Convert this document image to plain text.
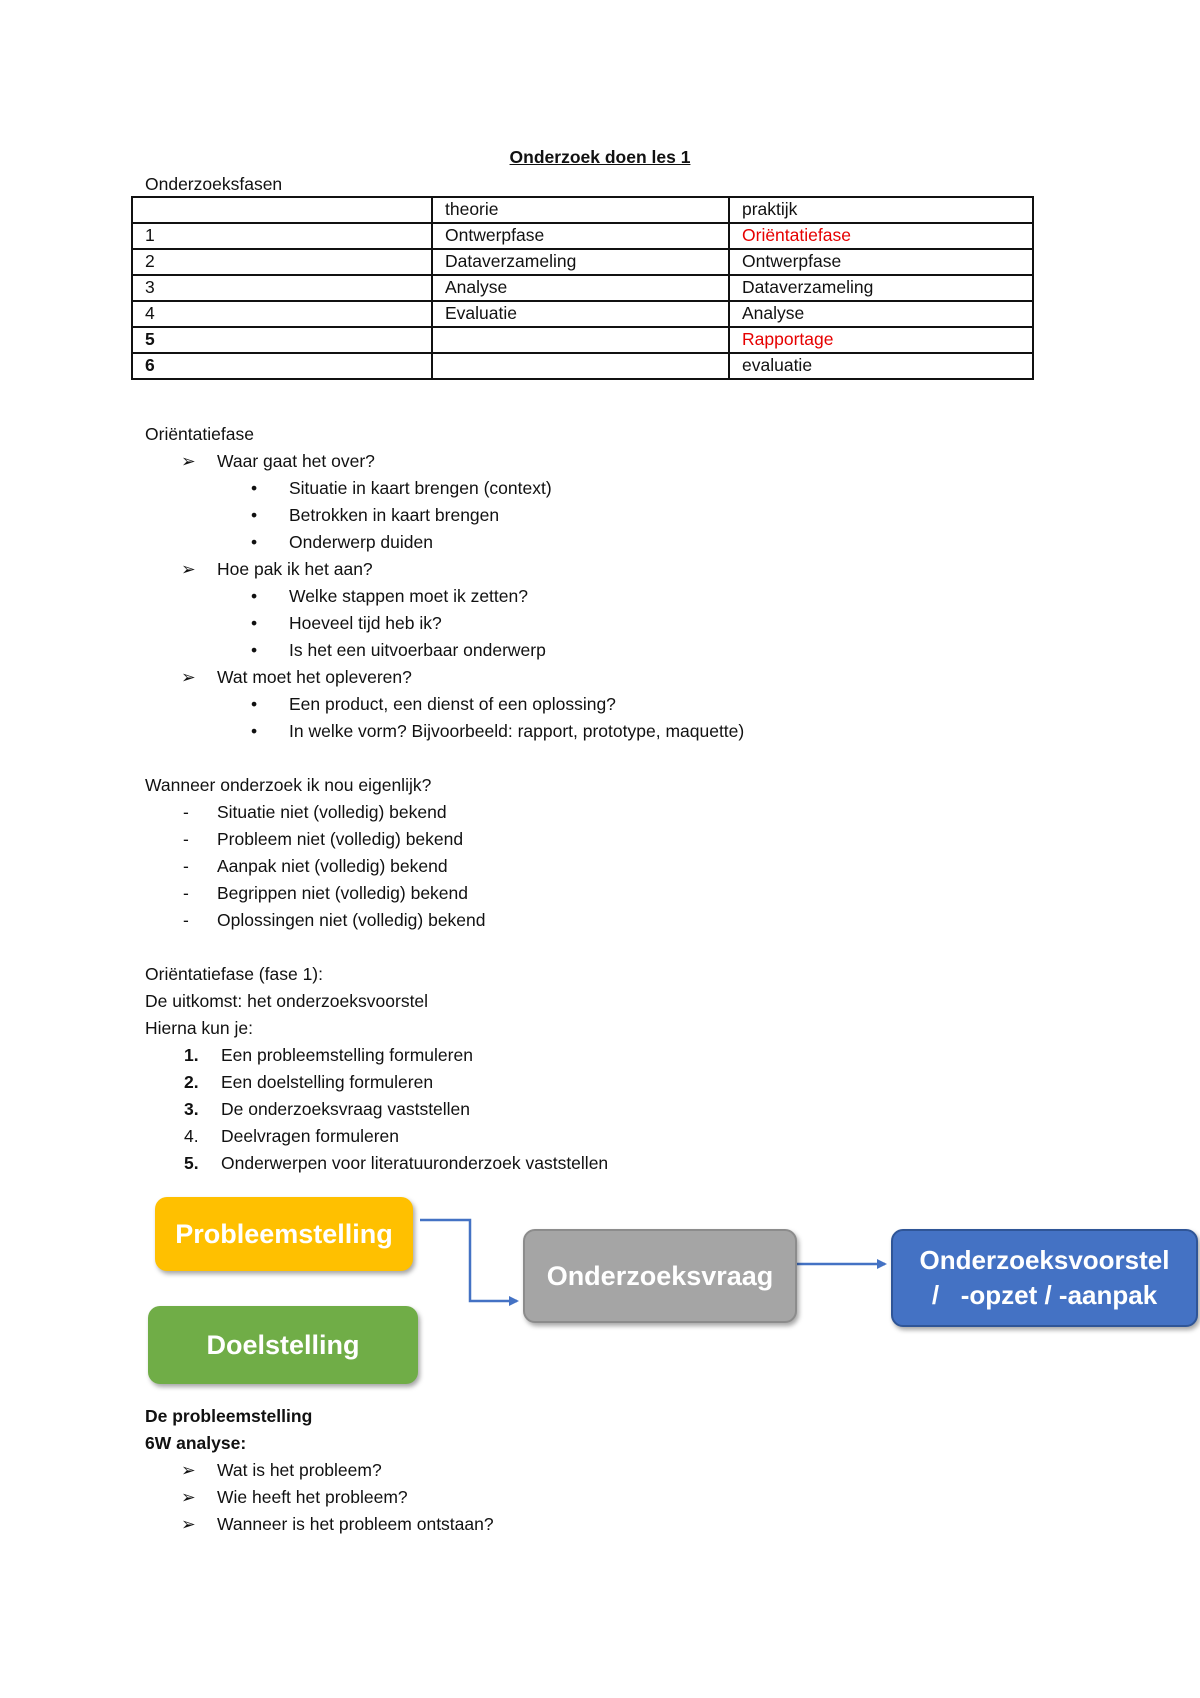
Onderzoek doen les 1
Onderzoeksfasen
	theorie	praktijk
1	Ontwerpfase	Oriëntatiefase
2	Dataverzameling	Ontwerpfase
3	Analyse	Dataverzameling
4	Evaluatie	Analyse
5		Rapportage
6		evaluatie
Oriëntatiefase
➢ Waar gaat het over?
• Situatie in kaart brengen (context)
• Betrokken in kaart brengen
• Onderwerp duiden
➢ Hoe pak ik het aan?
• Welke stappen moet ik zetten?
• Hoeveel tijd heb ik?
• Is het een uitvoerbaar onderwerp
➢ Wat moet het opleveren?
• Een product, een dienst of een oplossing?
• In welke vorm? Bijvoorbeeld: rapport, prototype, maquette)
Wanneer onderzoek ik nou eigenlijk?
- Situatie niet (volledig) bekend
- Probleem niet (volledig) bekend
- Aanpak niet (volledig) bekend
- Begrippen niet (volledig) bekend
- Oplossingen niet (volledig) bekend
Oriëntatiefase (fase 1):
De uitkomst: het onderzoeksvoorstel
Hierna kun je:
1. Een probleemstelling formuleren
2. Een doelstelling formuleren
3. De onderzoeksvraag vaststellen
4. Deelvragen formuleren
5. Onderwerpen voor literatuuronderzoek vaststellen
Probleemstelling
Doelstelling
Onderzoeksvraag
Onderzoeksvoorstel
/   -opzet / -aanpak
De probleemstelling
6W analyse:
➢ Wat is het probleem?
➢ Wie heeft het probleem?
➢ Wanneer is het probleem ontstaan?
